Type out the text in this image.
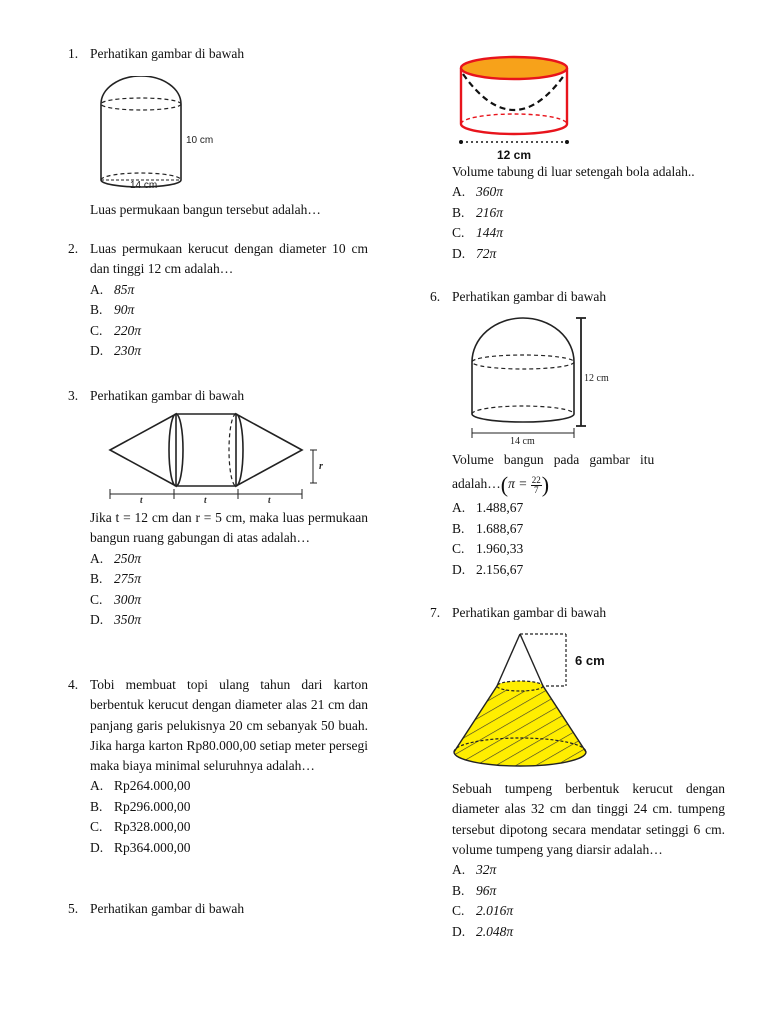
1. Perhatikan gambar di bawah
10 cm
14 cm
Luas permukaan bangun tersebut adalah…
2. Luas permukaan kerucut dengan diameter 10 cm dan tinggi 12 cm adalah…
A. 85π
B. 90π
C. 220π
D. 230π
3. Perhatikan gambar di bawah
r
t	t	t
Jika t = 12 cm dan r = 5 cm, maka luas permukaan bangun ruang gabungan di atas adalah…
A. 250π
B. 275π
C. 300π
D. 350π
4. Tobi membuat topi ulang tahun dari karton berbentuk kerucut dengan diameter alas 21 cm dan panjang garis pelukisnya 20 cm sebanyak 50 buah. Jika harga karton Rp80.000,00 setiap meter persegi maka biaya minimal seluruhnya adalah…
A. Rp264.000,00
B. Rp296.000,00
C. Rp328.000,00
D. Rp364.000,00
5. Perhatikan gambar di bawah
12 cm
Volume tabung di luar setengah bola adalah..
A. 360π
B. 216π
C. 144π
D. 72π
6. Perhatikan gambar di bawah
12 cm
14 cm
Volume   bangun   pada   gambar   itu
adalah…(π = $\frac{22}{7}$ )
A. 1.488,67
B. 1.688,67
C. 1.960,33
D. 2.156,67
7. Perhatikan gambar di bawah
6 cm
Sebuah tumpeng berbentuk kerucut dengan diameter alas 32 cm dan tinggi 24 cm. tumpeng tersebut dipotong secara mendatar setinggi 6 cm. volume tumpeng yang diarsir adalah…
A. 32π
B. 96π
C. 2.016π
D. 2.048π
